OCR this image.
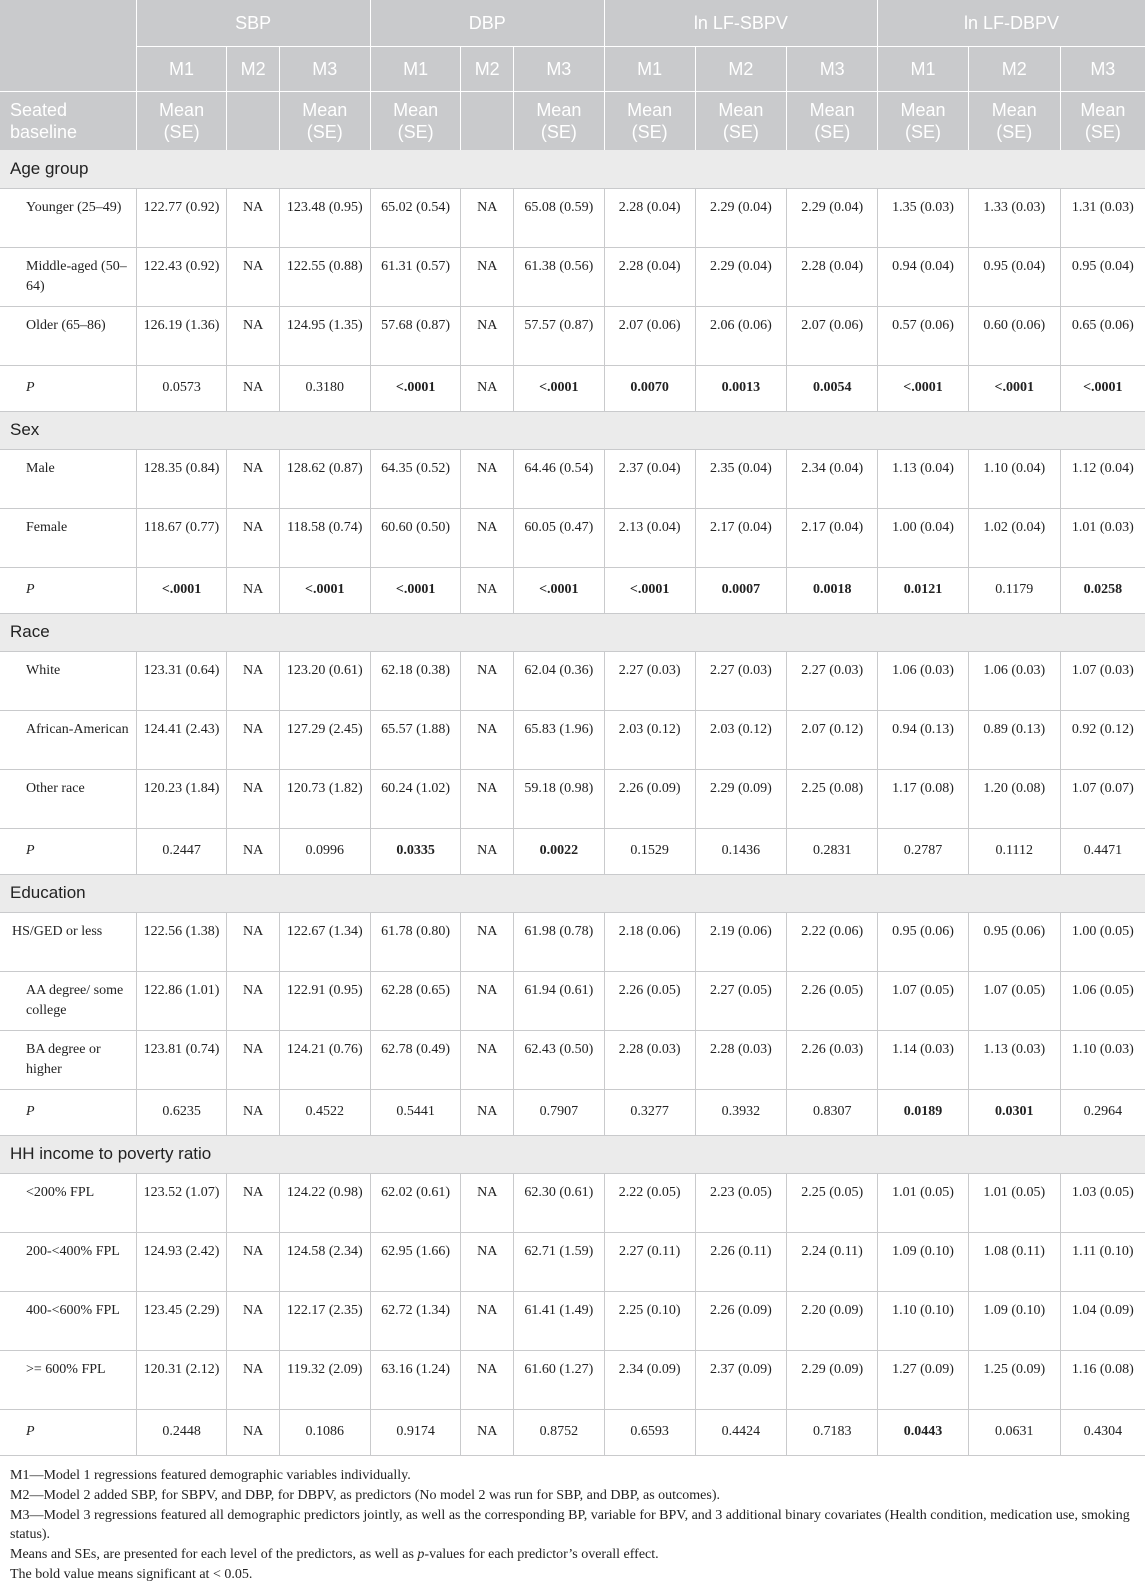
	SBP			DBP			ln LF-SBPV			ln LF-DBPV		
	M1	M2	M3	M1	M2	M3	M1	M2	M3	M1	M2	M3
Seated
baseline	Mean (SE)		Mean (SE)	Mean (SE)		Mean (SE)	Mean (SE)	Mean (SE)	Mean (SE)	Mean (SE)	Mean (SE)	Mean (SE)
Age group												
Younger (25–49)	122.77 (0.92)	NA	123.48 (0.95)	65.02 (0.54)	NA	65.08 (0.59)	2.28 (0.04)	2.29 (0.04)	2.29 (0.04)	1.35 (0.03)	1.33 (0.03)	1.31 (0.03)
Middle-aged (50–64)	122.43 (0.92)	NA	122.55 (0.88)	61.31 (0.57)	NA	61.38 (0.56)	2.28 (0.04)	2.29 (0.04)	2.28 (0.04)	0.94 (0.04)	0.95 (0.04)	0.95 (0.04)
Older (65–86)	126.19 (1.36)	NA	124.95 (1.35)	57.68 (0.87)	NA	57.57 (0.87)	2.07 (0.06)	2.06 (0.06)	2.07 (0.06)	0.57 (0.06)	0.60 (0.06)	0.65 (0.06)
P	0.0573	NA	0.3180	<.0001	NA	<.0001	0.0070	0.0013	0.0054	<.0001	<.0001	<.0001
Sex												
Male	128.35 (0.84)	NA	128.62 (0.87)	64.35 (0.52)	NA	64.46 (0.54)	2.37 (0.04)	2.35 (0.04)	2.34 (0.04)	1.13 (0.04)	1.10 (0.04)	1.12 (0.04)
Female	118.67 (0.77)	NA	118.58 (0.74)	60.60 (0.50)	NA	60.05 (0.47)	2.13 (0.04)	2.17 (0.04)	2.17 (0.04)	1.00 (0.04)	1.02 (0.04)	1.01 (0.03)
P	<.0001	NA	<.0001	<.0001	NA	<.0001	<.0001	0.0007	0.0018	0.0121	0.1179	0.0258
Race												
White	123.31 (0.64)	NA	123.20 (0.61)	62.18 (0.38)	NA	62.04 (0.36)	2.27 (0.03)	2.27 (0.03)	2.27 (0.03)	1.06 (0.03)	1.06 (0.03)	1.07 (0.03)
African-American	124.41 (2.43)	NA	127.29 (2.45)	65.57 (1.88)	NA	65.83 (1.96)	2.03 (0.12)	2.03 (0.12)	2.07 (0.12)	0.94 (0.13)	0.89 (0.13)	0.92 (0.12)
Other race	120.23 (1.84)	NA	120.73 (1.82)	60.24 (1.02)	NA	59.18 (0.98)	2.26 (0.09)	2.29 (0.09)	2.25 (0.08)	1.17 (0.08)	1.20 (0.08)	1.07 (0.07)
P	0.2447	NA	0.0996	0.0335	NA	0.0022	0.1529	0.1436	0.2831	0.2787	0.1112	0.4471
Education												
HS/GED or less	122.56 (1.38)	NA	122.67 (1.34)	61.78 (0.80)	NA	61.98 (0.78)	2.18 (0.06)	2.19 (0.06)	2.22 (0.06)	0.95 (0.06)	0.95 (0.06)	1.00 (0.05)
AA degree/ some college	122.86 (1.01)	NA	122.91 (0.95)	62.28 (0.65)	NA	61.94 (0.61)	2.26 (0.05)	2.27 (0.05)	2.26 (0.05)	1.07 (0.05)	1.07 (0.05)	1.06 (0.05)
BA degree or higher	123.81 (0.74)	NA	124.21 (0.76)	62.78 (0.49)	NA	62.43 (0.50)	2.28 (0.03)	2.28 (0.03)	2.26 (0.03)	1.14 (0.03)	1.13 (0.03)	1.10 (0.03)
P	0.6235	NA	0.4522	0.5441	NA	0.7907	0.3277	0.3932	0.8307	0.0189	0.0301	0.2964
HH income to poverty ratio												
<200% FPL	123.52 (1.07)	NA	124.22 (0.98)	62.02 (0.61)	NA	62.30 (0.61)	2.22 (0.05)	2.23 (0.05)	2.25 (0.05)	1.01 (0.05)	1.01 (0.05)	1.03 (0.05)
200-<400% FPL	124.93 (2.42)	NA	124.58 (2.34)	62.95 (1.66)	NA	62.71 (1.59)	2.27 (0.11)	2.26 (0.11)	2.24 (0.11)	1.09 (0.10)	1.08 (0.11)	1.11 (0.10)
400-<600% FPL	123.45 (2.29)	NA	122.17 (2.35)	62.72 (1.34)	NA	61.41 (1.49)	2.25 (0.10)	2.26 (0.09)	2.20 (0.09)	1.10 (0.10)	1.09 (0.10)	1.04 (0.09)
>= 600% FPL	120.31 (2.12)	NA	119.32 (2.09)	63.16 (1.24)	NA	61.60 (1.27)	2.34 (0.09)	2.37 (0.09)	2.29 (0.09)	1.27 (0.09)	1.25 (0.09)	1.16 (0.08)
P	0.2448	NA	0.1086	0.9174	NA	0.8752	0.6593	0.4424	0.7183	0.0443	0.0631	0.4304

M1—Model 1 regressions featured demographic variables individually.

M2—Model 2 added SBP, for SBPV, and DBP, for DBPV, as predictors (No model 2 was run for SBP, and DBP, as outcomes).

M3—Model 3 regressions featured all demographic predictors jointly, as well as the corresponding BP, variable for BPV, and 3 additional binary covariates (Health condition, medication use, smoking status).

Means and SEs, are presented for each level of the predictors, as well as p-values for each predictor’s overall effect.

The bold value means significant at < 0.05.
